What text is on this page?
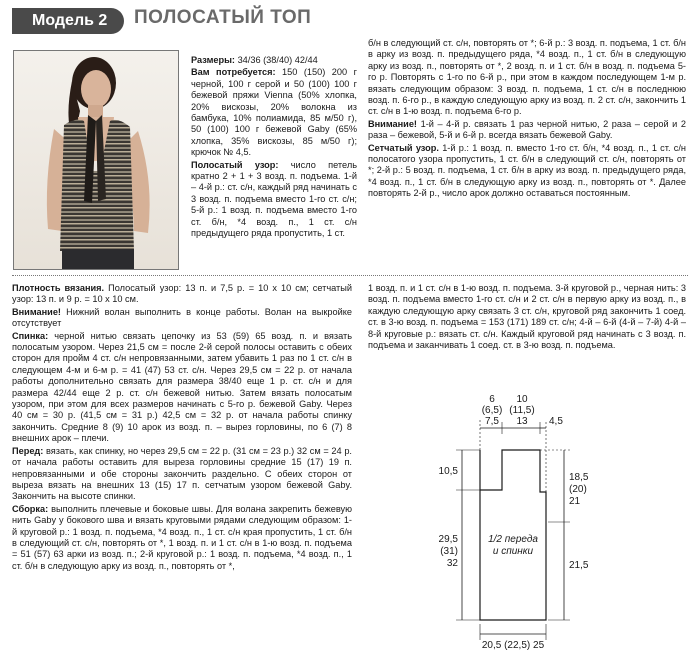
Модель 2	ПОЛОСАТЫЙ ТОП

Размеры: 34/36 (38/40) 42/44

Вам потребуется: 150 (150) 200 г черной, 100 г серой и 50 (100) 100 г бежевой пряжи Vienna (50% хлопка, 20% вискозы, 20% волокна из бамбука, 10% полиамида, 85 м/50 г), 50 (100) 100 г бежевой Gaby (65% хлопка, 35% вискозы, 85 м/50 г); крючок № 4,5.

Полосатый узор: число петель кратно 2 + 1 + 3 возд. п. подъема. 1-й – 4-й р.: ст. с/н, каждый ряд начинать с 3 возд. п. подъема вместо 1-го ст. с/н; 5-й р.: 1 возд. п. подъема вместо 1-го ст. б/н, *4 возд. п., 1 ст. с/н предыдущего ряда пропустить, 1 ст.

б/н в следующий ст. с/н, повторять от *; 6-й р.: 3 возд. п. подъема, 1 ст. б/н в арку из возд. п. предыдущего ряда, *4 возд. п., 1 ст. б/н в следующую арку из возд. п., повторять от *, 2 возд. п. и 1 ст. б/н в возд. п. подъема 5-го р. Повторять с 1-го по 6-й р., при этом в каждом последующем 1-м р. вязать следующим образом: 3 возд. п. подъема, 1 ст. с/н в последнюю возд. п. 6-го р., в каждую следующую арку из возд. п. 2 ст. с/н, закончить 1 ст. с/н в 1-ю возд. п. подъема 6-го р.

Внимание! 1-й – 4-й р. связать 1 раз черной нитью, 2 раза – серой и 2 раза – бежевой, 5-й и 6-й р. всегда вязать бежевой Gaby.

Сетчатый узор. 1-й р.: 1 возд. п. вместо 1-го ст. б/н, *4 возд. п., 1 ст. с/н полосатого узора пропустить, 1 ст. б/н в следующий ст. с/н, повторять от *; 2-й р.: 5 возд. п. подъема, 1 ст. б/н в арку из возд. п. предыдущего ряда, *4 возд. п., 1 ст. б/н в следующую арку из возд. п., повторять от *. Далее повторять 2-й р., число арок должно оставаться постоянным.

Плотность вязания. Полосатый узор: 13 п. и 7,5 р. = 10 х 10 см; сетчатый узор: 13 п. и 9 р. = 10 х 10 см.

Внимание! Нижний волан выполнить в конце работы. Волан на выкройке отсутствует

Спинка: черной нитью связать цепочку из 53 (59) 65 возд. п. и вязать полосатым узором. Через 21,5 см = после 2-й серой полосы оставить с обеих сторон для пройм 4 ст. с/н непровязанными, затем убавить 1 раз по 1 ст. с/н в следующем 4-м и 6-м р. = 41 (47) 53 ст. с/н. Через 29,5 см = 22 р. от начала работы дополнительно связать для размера 38/40 еще 1 р. ст. с/н и для размера 42/44 еще 2 р. ст. с/н бежевой нитью. Затем вязать полосатым узором, при этом для всех размеров начинать с 5-го р. бежевой Gaby. Через 40 см = 30 р. (41,5 см = 31 р.) 42,5 см = 32 р. от начала работы спинку закончить. Средние 8 (9) 10 арок из возд. п. – вырез горловины, по 6 (7) 8 внешних арок – плечи.

Перед: вязать, как спинку, но через 29,5 см = 22 р. (31 см = 23 р.) 32 см = 24 р. от начала работы оставить для выреза горловины средние 15 (17) 19 п. непровязанными и обе стороны закончить раздельно. С обеих сторон от выреза вязать на внешних 13 (15) 17 п. сетчатым узором бежевой Gaby. Закончить на высоте спинки.

Сборка: выполнить плечевые и боковые швы. Для волана закрепить бежевую нить Gaby у бокового шва и вязать круговыми рядами следующим образом: 1-й круговой р.: 1 возд. п. подъема, *4 возд. п., 1 ст. с/н края пропустить, 1 ст. б/н в следующий ст. с/н, повторять от *, 1 возд. п. и 1 ст. с/н в 1-ю возд. п. подъема = 51 (57) 63 арки из возд. п.; 2-й круговой р.: 1 возд. п. подъема, *4 возд. п., 1 ст. б/н в следующую арку из возд. п., повторять от *,

1 возд. п. и 1 ст. с/н в 1-ю возд. п. подъема. 3-й круговой р., черная нить: 3 возд. п. подъема вместо 1-го ст. с/н и 2 ст. с/н в первую арку из возд. п., в каждую следующую арку связать 3 ст. с/н, круговой ряд закончить 1 соед. ст. в 3-ю возд. п. подъема = 153 (171) 189 ст. с/н; 4-й – 6-й (4-й – 7-й) 4-й – 8-й круговые р.: вязать ст. с/н. Каждый круговой ряд начинать с 3 возд. п. подъема и заканчивать 1 соед. ст. в 3-ю возд. п. подъема.

6
(6,5)
7,5
10
(11,5)
13 4,5
10,5
29,5
(31)
32
18,5
(20)
21
21,5
1/2 переда
и спинки
20,5 (22,5) 25
